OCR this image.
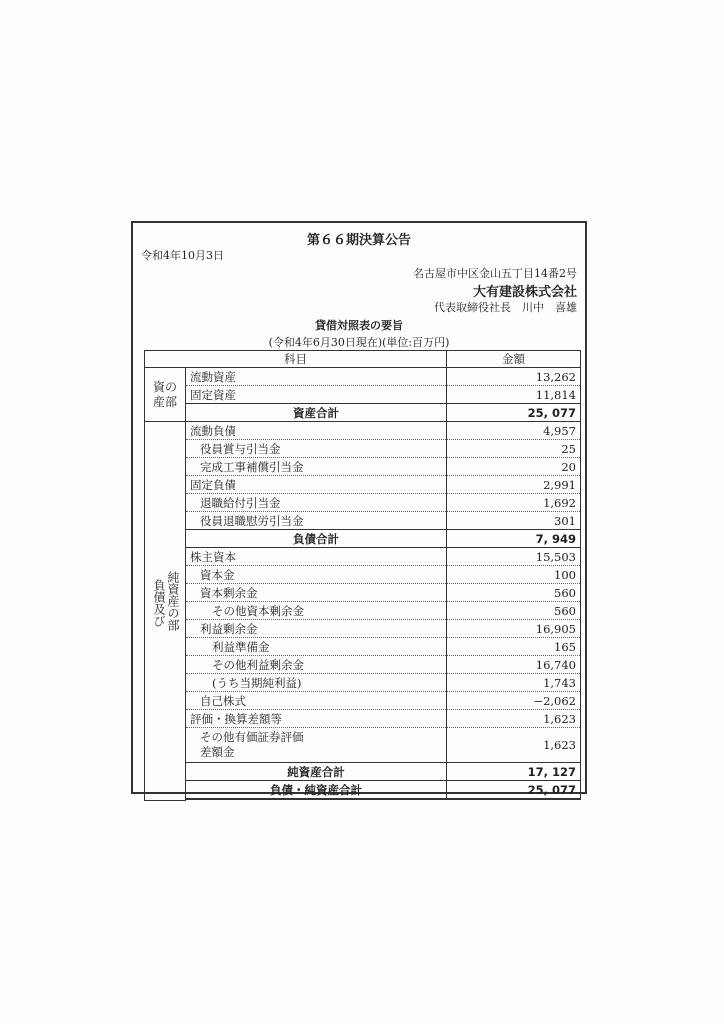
第６６期決算公告
令和4年10月3日
名古屋市中区金山五丁目14番2号
大有建設株式会社
代表取締役社長　川中　喜雄
貸借対照表の要旨
(令和4年6月30日現在)(単位:百万円)
科目		金額
資の
産部	流動資産	13,262
	固定資産	11,814
	資産合計	25, 077
負債及び純資産の部	流動負債	4,957
	役員賞与引当金	25
	完成工事補償引当金	20
	固定負債	2,991
	退職給付引当金	1,692
	役員退職慰労引当金	301
	負債合計	7, 949
	株主資本	15,503
	資本金	100
	資本剰余金	560
	その他資本剰余金	560
	利益剰余金	16,905
	利益準備金	165
	その他利益剰余金	16,740
	(うち当期純利益)	1,743
	自己株式	−2,062
	評価・換算差額等	1,623
	その他有価証券評価
差額金	1,623
	純資産合計	17, 127
	負債・純資産合計	25, 077
